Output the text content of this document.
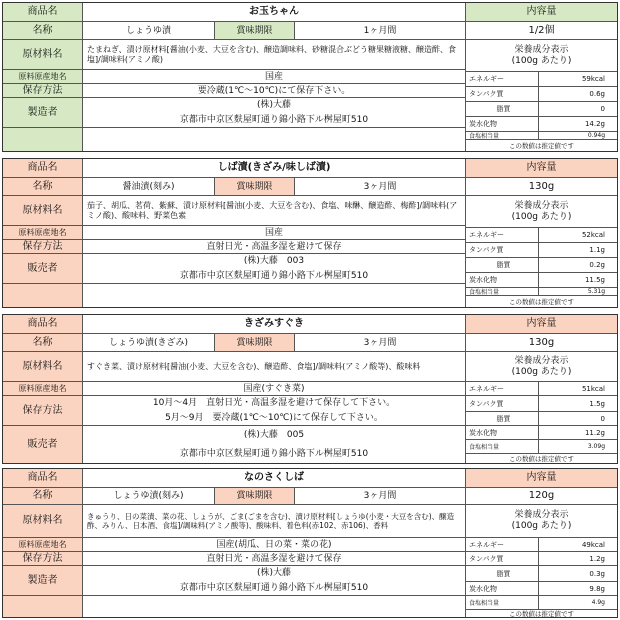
商品名	お玉ちゃん	内容量
名称	しょうゆ漬	賞味期限	1ヶ月間	1/2個
原材料名	たまねぎ、漬け原材料[醤油(小麦、大豆を含む)、醸造調味料、砂糖混合ぶどう糖果糖液糖、醸造酢、食塩]/調味料(アミノ酸)
原料原産地名	国産
保存方法	要冷蔵(1℃～10℃)にて保存下さい。
製造者
(株)大藤
京都市中京区麩屋町通り錦小路下ル桝屋町510
栄養成分表示
(100g あたり)
エネルギー	59kcal
タンパク質	0.6g
脂質	0
炭水化物	14.2g
食塩相当量	0.94g
この数値は推定値です
商品名	しば漬(きざみ/味しば漬)	内容量
名称	醤油漬(刻み)	賞味期限	3ヶ月間	130g
原材料名	茄子、胡瓜、茗荷、紫蘇、漬け原材料[醤油(小麦、大豆を含む)、食塩、味醂、醸造酢、梅酢]/調味料(アミノ酸)、酸味料、野菜色素
原料原産地名	国産
保存方法	直射日光・高温多湿を避けて保存
販売者
(株)大藤　003
京都市中京区麩屋町通り錦小路下ル桝屋町510
栄養成分表示
(100g あたり)
エネルギー	52kcal
タンパク質	1.1g
脂質	0.2g
炭水化物	11.5g
食塩相当量	5.31g
この数値は推定値です
商品名	きざみすぐき	内容量
名称	しょうゆ漬(きざみ)	賞味期限	3ヶ月間	130g
原材料名	すぐき菜、漬け原材料[醤油(小麦、大豆を含む)、醸造酢、食塩]/調味料(アミノ酸等)、酸味料
原料原産地名	国産(すぐき菜)
保存方法
10月～4月　直射日光・高温多湿を避けて保存して下さい。
5月～9月　要冷蔵(1℃～10℃)にて保存して下さい。
販売者
(株)大藤　005
京都市中京区麩屋町通り錦小路下ル桝屋町510
栄養成分表示
(100g あたり)
エネルギー	51kcal
タンパク質	1.5g
脂質	0
炭水化物	11.2g
食塩相当量	3.09g
この数値は推定値です
商品名	なのさくしば	内容量
名称	しょうゆ漬(刻み)	賞味期限	3ヶ月間	120g
原材料名	きゅうり、日の菜漬、菜の花、しょうが、ごま(ごまを含む)、漬け原材料[しょうゆ(小麦・大豆を含む)、醸造酢、みりん、日本酒、食塩]/調味料(アミノ酸等)、酸味料、着色料(赤102、赤106)、香料
原料原産地名	国産(胡瓜、日の菜・菜の花)
保存方法	直射日光・高温多湿を避けて保存
製造者
(株)大藤
京都市中京区麩屋町通り錦小路下ル桝屋町510
栄養成分表示
(100g あたり)
エネルギー	49kcal
タンパク質	1.2g
脂質	0.3g
炭水化物	9.8g
食塩相当量	4.9g
この数値は推定値です
